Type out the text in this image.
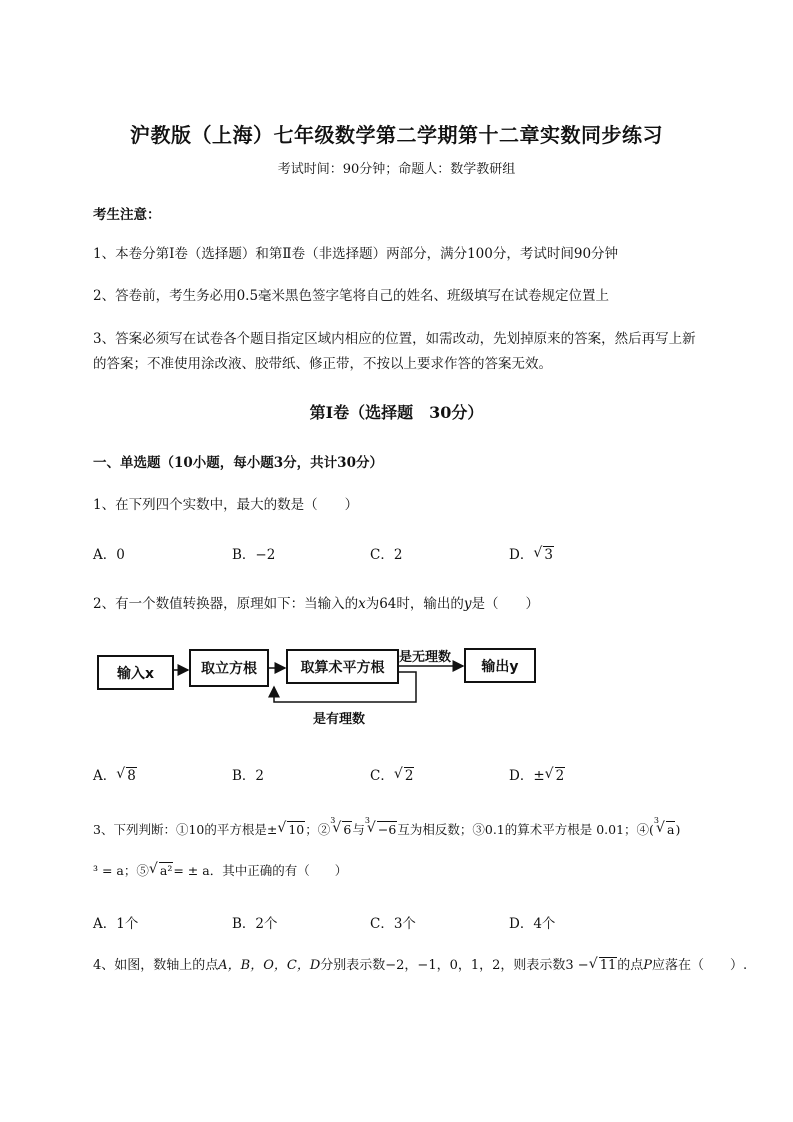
沪教版（上海）七年级数学第二学期第十二章实数同步练习
考试时间：90分钟；命题人：数学教研组
考生注意：
1、本卷分第Ⅰ卷（选择题）和第Ⅱ卷（非选择题）两部分，满分100分，考试时间90分钟
2、答卷前，考生务必用0.5毫米黑色签字笔将自己的姓名、班级填写在试卷规定位置上
3、答案必须写在试卷各个题目指定区域内相应的位置，如需改动，先划掉原来的答案，然后再写上新
的答案；不准使用涂改液、胶带纸、修正带，不按以上要求作答的答案无效。
第Ⅰ卷（选择题　30分）
一、单选题（10小题，每小题3分，共计30分）
1、在下列四个实数中，最大的数是（　　）
A．0	B．−2	C．2	D． √ 3
2、有一个数值转换器，原理如下：当输入的x为64时，输出的y是（　　）
输入x	取立方根	取算术平方根	输出y
是无理数
是有理数
A． √ 8	B．2	C． √ 2	D．± √ 2
3、下列判断：①10的平方根是± √ 10；②$^3$√ 6与$^3$√ −6互为相反数；③0.1的算术平方根是 0.01；④($^3$√ a)
³ = a；⑤ √ a²= ± a．其中正确的有（　　）
A．1个	B．2个	C．3个	D．4个
4、如图，数轴上的点A，B，O，C，D分别表示数−2，−1，0，1，2，则表示数3 − √ 11的点P应落在（　　）.
